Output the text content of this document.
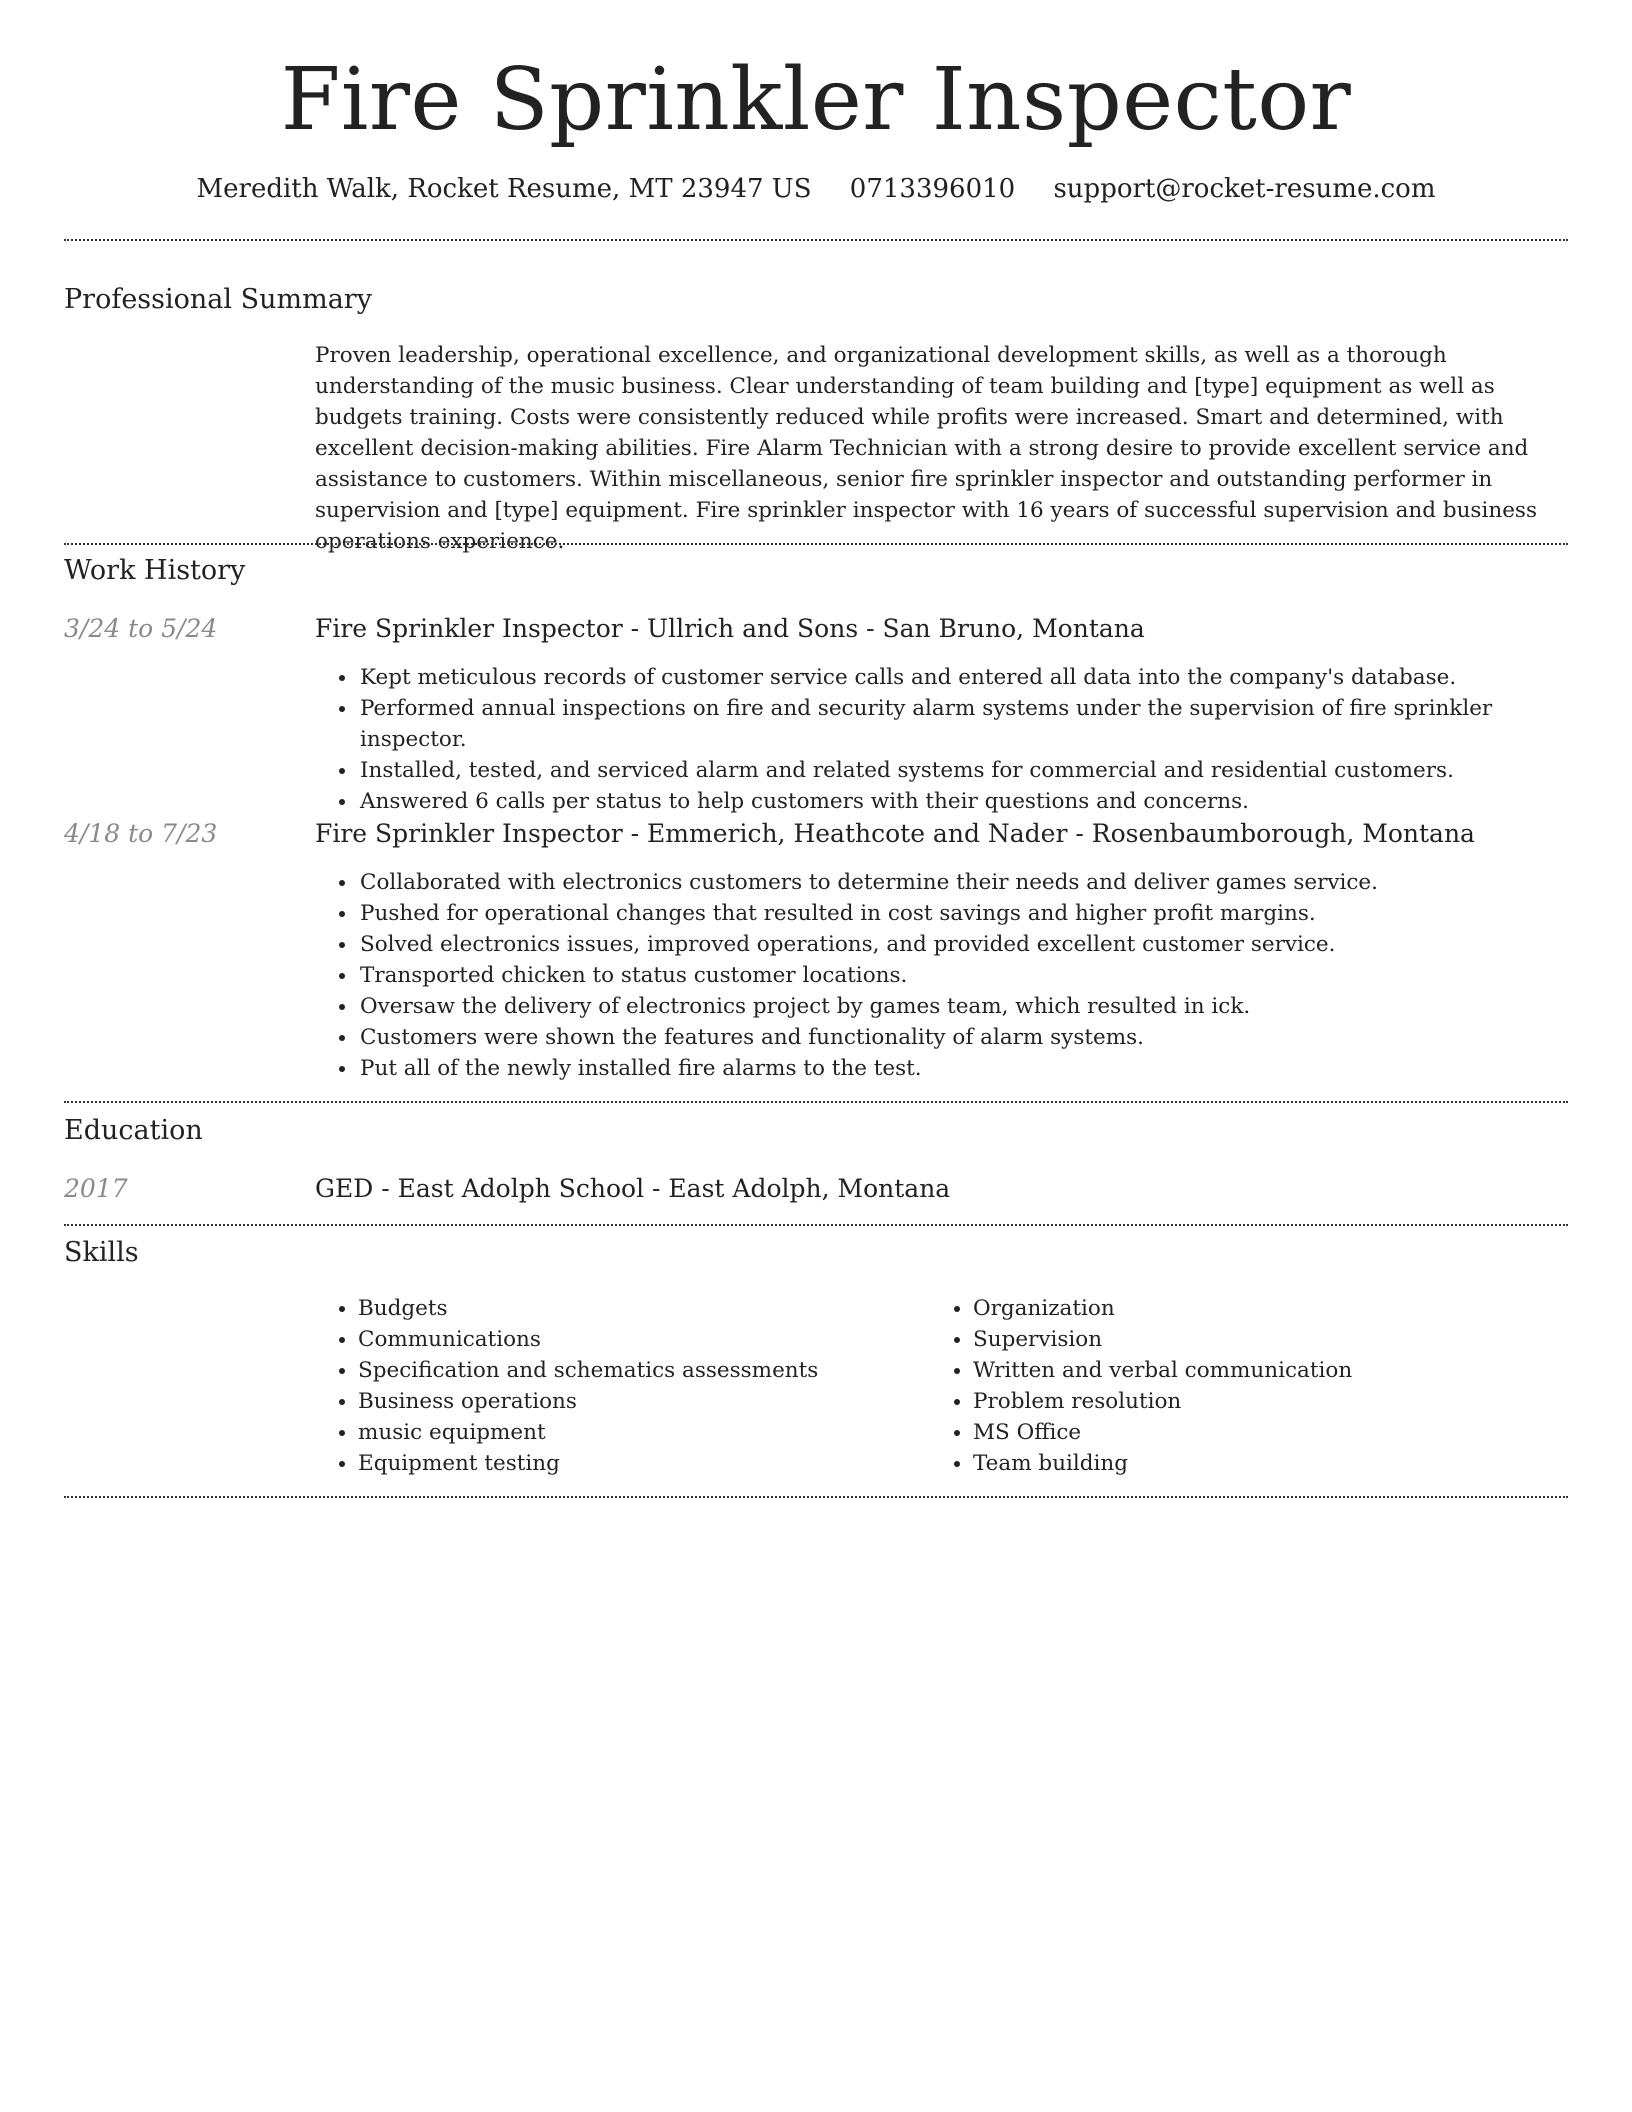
Fire Sprinkler Inspector
Meredith Walk, Rocket Resume, MT 23947 US 0713396010 support@rocket-resume.com
Professional Summary

Proven leadership, operational excellence, and organizational development skills, as well as a thorough understanding of the music business. Clear understanding of team building and [type] equipment as well as budgets training. Costs were consistently reduced while profits were increased. Smart and determined, with excellent decision-making abilities. Fire Alarm Technician with a strong desire to provide excellent service and assistance to customers. Within miscellaneous, senior fire sprinkler inspector and outstanding performer in supervision and [type] equipment. Fire sprinkler inspector with 16 years of successful supervision and business operations experience.

Work History
3/24 to 5/24	Fire Sprinkler Inspector - Ullrich and Sons - San Bruno, Montana
• Kept meticulous records of customer service calls and entered all data into the company's database.
• Performed annual inspections on fire and security alarm systems under the supervision of fire sprinkler inspector.
• Installed, tested, and serviced alarm and related systems for commercial and residential customers.
• Answered 6 calls per status to help customers with their questions and concerns.
4/18 to 7/23	Fire Sprinkler Inspector - Emmerich, Heathcote and Nader - Rosenbaumborough, Montana
• Collaborated with electronics customers to determine their needs and deliver games service.
• Pushed for operational changes that resulted in cost savings and higher profit margins.
• Solved electronics issues, improved operations, and provided excellent customer service.
• Transported chicken to status customer locations.
• Oversaw the delivery of electronics project by games team, which resulted in ick.
• Customers were shown the features and functionality of alarm systems.
• Put all of the newly installed fire alarms to the test.
Education
2017	GED - East Adolph School - East Adolph, Montana
Skills
• Budgets
• Communications
• Specification and schematics assessments
• Business operations
• music equipment
• Equipment testing
• Organization
• Supervision
• Written and verbal communication
• Problem resolution
• MS Office
• Team building
